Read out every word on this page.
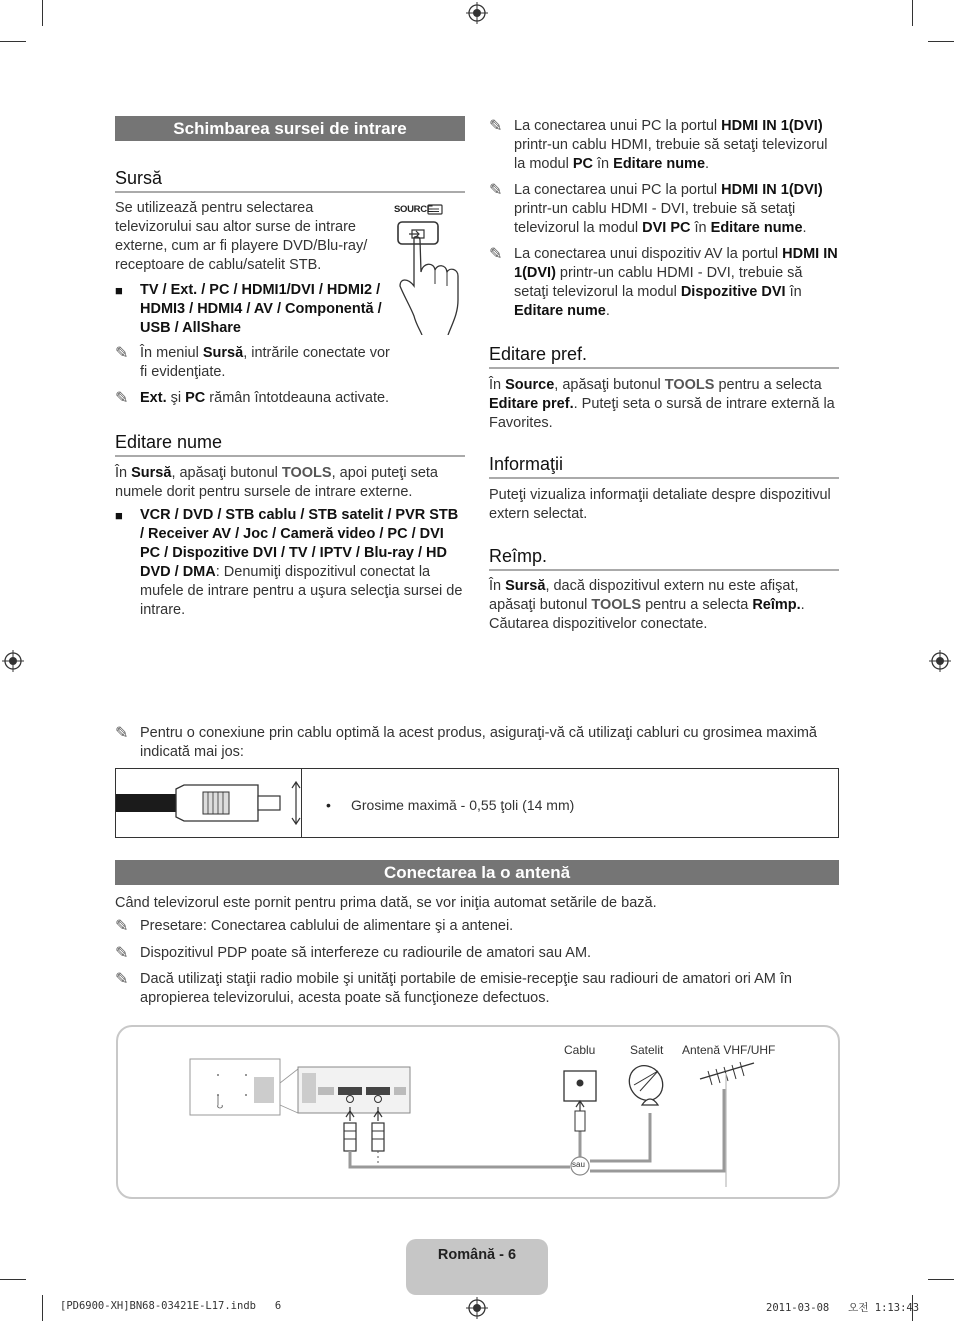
Schimbarea sursei de intrare
Sursă
Se utilizează pentru selectarea televizorului sau altor surse de intrare externe, cum ar fi playere DVD/Blu-ray/ receptoare de cablu/satelit STB.
SOURCE
■ TV / Ext. / PC / HDMI1/DVI / HDMI2 / HDMI3 / HDMI4 / AV / Componentă / USB / AllShare
✎ În meniul Sursă, intrările conectate vor fi evidenţiate.
✎ Ext. şi PC rămân întotdeauna activate.
Editare nume
În Sursă, apăsaţi butonul TOOLS, apoi puteţi seta numele dorit pentru sursele de intrare externe.
■ VCR / DVD / STB cablu / STB satelit / PVR STB / Receiver AV / Joc / Cameră video / PC / DVI PC / Dispozitive DVI / TV / IPTV / Blu-ray / HD DVD / DMA: Denumiţi dispozitivul conectat la mufele de intrare pentru a uşura selecţia sursei de intrare.
✎ La conectarea unui PC la portul HDMI IN 1(DVI) printr-un cablu HDMI, trebuie să setaţi televizorul la modul PC în Editare nume.
✎ La conectarea unui PC la portul HDMI IN 1(DVI) printr-un cablu HDMI - DVI, trebuie să setaţi televizorul la modul DVI PC în Editare nume.
✎ La conectarea unui dispozitiv AV la portul HDMI IN 1(DVI) printr-un cablu HDMI - DVI, trebuie să setaţi televizorul la modul Dispozitive DVI în Editare nume.
Editare pref.
În Source, apăsaţi butonul TOOLS pentru a selecta Editare pref.. Puteţi seta o sursă de intrare externă la Favorites.
Informaţii
Puteţi vizualiza informaţii detaliate despre dispozitivul extern selectat.
Reîmp.
În Sursă, dacă dispozitivul extern nu este afişat, apăsaţi butonul TOOLS pentru a selecta Reîmp.. Căutarea dispozitivelor conectate.
✎ Pentru o conexiune prin cablu optimă la acest produs, asiguraţi-vă că utilizaţi cabluri cu grosimea maximă indicată mai jos:
• Grosime maximă - 0,55 ţoli (14 mm)
Conectarea la o antenă
Când televizorul este pornit pentru prima dată, se vor iniţia automat setările de bază.
✎ Presetare: Conectarea cablului de alimentare şi a antenei.
✎ Dispozitivul PDP poate să interfereze cu radiourile de amatori sau AM.
✎ Dacă utilizaţi staţii radio mobile şi unităţi portabile de emisie-recepţie sau radiouri de amatori ori AM în apropierea televizorului, acesta poate să funcţioneze defectuos.
Cablu	Satelit Antenă VHF/UHF
sau
Română - 6
[PD6900-XH]BN68-03421E-L17.indb   6	2011-03-08   오전 1:13:43
